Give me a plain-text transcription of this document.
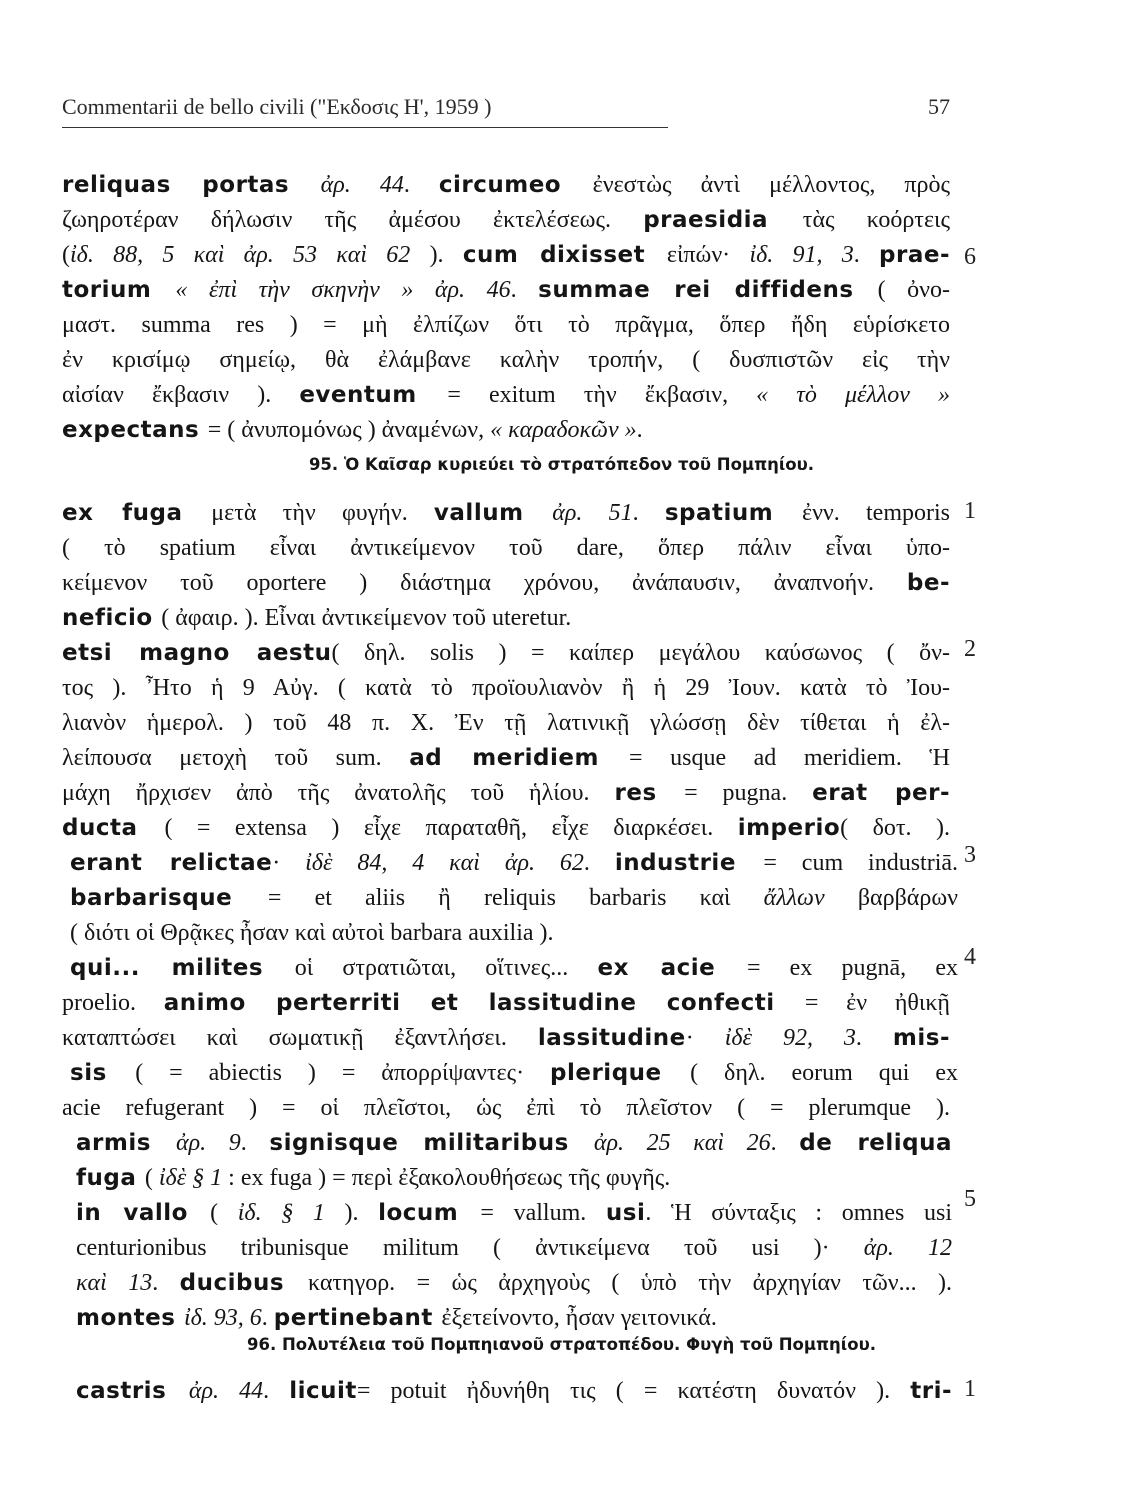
Commentarii de bello civili ("Εκδοσις Η', 1959 )	57
reliquas portas ἀρ. 44. circumeo ἐνεστὼς ἀντὶ μέλλοντος, πρὸς
ζωηροτέραν δήλωσιν τῆς ἀμέσου ἐκτελέσεως. praesidia τὰς κοόρτεις
(ἰδ. 88, 5 καὶ ἀρ. 53 καὶ 62 ). cum dixisset εἰπών· ἰδ. 91, 3. prae-
torium « ἐπὶ τὴν σκηνὴν » ἀρ. 46. summae rei diffidens ( ὀνο-
μαστ. summa res ) = μὴ ἐλπίζων ὅτι τὸ πρᾶγμα, ὅπερ ἤδη εὑρίσκετο
ἐν κρισίμῳ σημείῳ, θὰ ἐλάμβανε καλὴν τροπήν, ( δυσπιστῶν εἰς τὴν
αἰσίαν ἔκβασιν ). eventum = exitum τὴν ἔκβασιν, « τὸ μέλλον »
expectans = ( ἀνυπομόνως ) ἀναμένων, « καραδοκῶν ».
ex fuga μετὰ τὴν φυγήν. vallum ἀρ. 51. spatium ἐνν. temporis
( τὸ spatium εἶναι ἀντικείμενον τοῦ dare, ὅπερ πάλιν εἶναι ὑπο-
κείμενον τοῦ oportere ) διάστημα χρόνου, ἀνάπαυσιν, ἀναπνοήν. be-
neficio ( ἀφαιρ. ). Εἶναι ἀντικείμενον τοῦ uteretur.
etsi magno aestu( δηλ. solis ) = καίπερ μεγάλου καύσωνος ( ὄν-
τος ). Ἦτο ἡ 9 Αὐγ. ( κατὰ τὸ προϊουλιανὸν ἢ ἡ 29 Ἰουν. κατὰ τὸ Ἰου-
λιανὸν ἡμερολ. ) τοῦ 48 π. Χ. Ἐν τῇ λατινικῇ γλώσσῃ δὲν τίθεται ἡ ἐλ-
λείπουσα μετοχὴ τοῦ sum. ad meridiem = usque ad meridiem. Ἡ
μάχη ἤρχισεν ἀπὸ τῆς ἀνατολῆς τοῦ ἡλίου. res = pugna. erat per-
ducta ( = extensa ) εἶχε παραταθῆ, εἶχε διαρκέσει. imperio( δοτ. ).
erant relictae· ἰδὲ 84, 4 καὶ ἀρ. 62. industrie = cum industriā.
barbarisque = et aliis ἢ reliquis barbaris καὶ ἄλλων βαρβάρων
( διότι οἱ Θρᾷκες ἦσαν καὶ αὐτοὶ barbara auxilia ).
qui... milites οἱ στρατιῶται, οἵτινες... ex acie = ex pugnā, ex
proelio. animo perterriti et lassitudine confecti = ἐν ἠθικῇ
καταπτώσει καὶ σωματικῇ ἐξαντλήσει. lassitudine· ἰδὲ 92, 3. mis-
sis ( = abiectis ) = ἀπορρίψαντες· plerique ( δηλ. eorum qui ex
acie refugerant ) = οἱ πλεῖστοι, ὡς ἐπὶ τὸ πλεῖστον ( = plerumque ).
armis ἀρ. 9. signisque militaribus ἀρ. 25 καὶ 26. de reliqua
fuga ( ἰδὲ § 1 : ex fuga ) = περὶ ἐξακολουθήσεως τῆς φυγῆς.
in vallo ( ἰδ. § 1 ). locum = vallum. usi. Ἡ σύνταξις : omnes usi
centurionibus tribunisque militum ( ἀντικείμενα τοῦ usi )· ἀρ. 12
καὶ 13. ducibus κατηγορ. = ὡς ἀρχηγοὺς ( ὑπὸ τὴν ἀρχηγίαν τῶν... ).
montes ἰδ. 93, 6. pertinebant ἐξετείνοντο, ἦσαν γειτονικά.
castris ἀρ. 44. licuit= potuit ἠδυνήθη τις ( = κατέστη δυνατόν ). tri-
95. Ὁ Καῖσαρ κυριεύει τὸ στρατόπεδον τοῦ Πομπηίου.
96. Πολυτέλεια τοῦ Πομπηιανοῦ στρατοπέδου. Φυγὴ τοῦ Πομπηίου.
6
1
2
3
4
5
1
